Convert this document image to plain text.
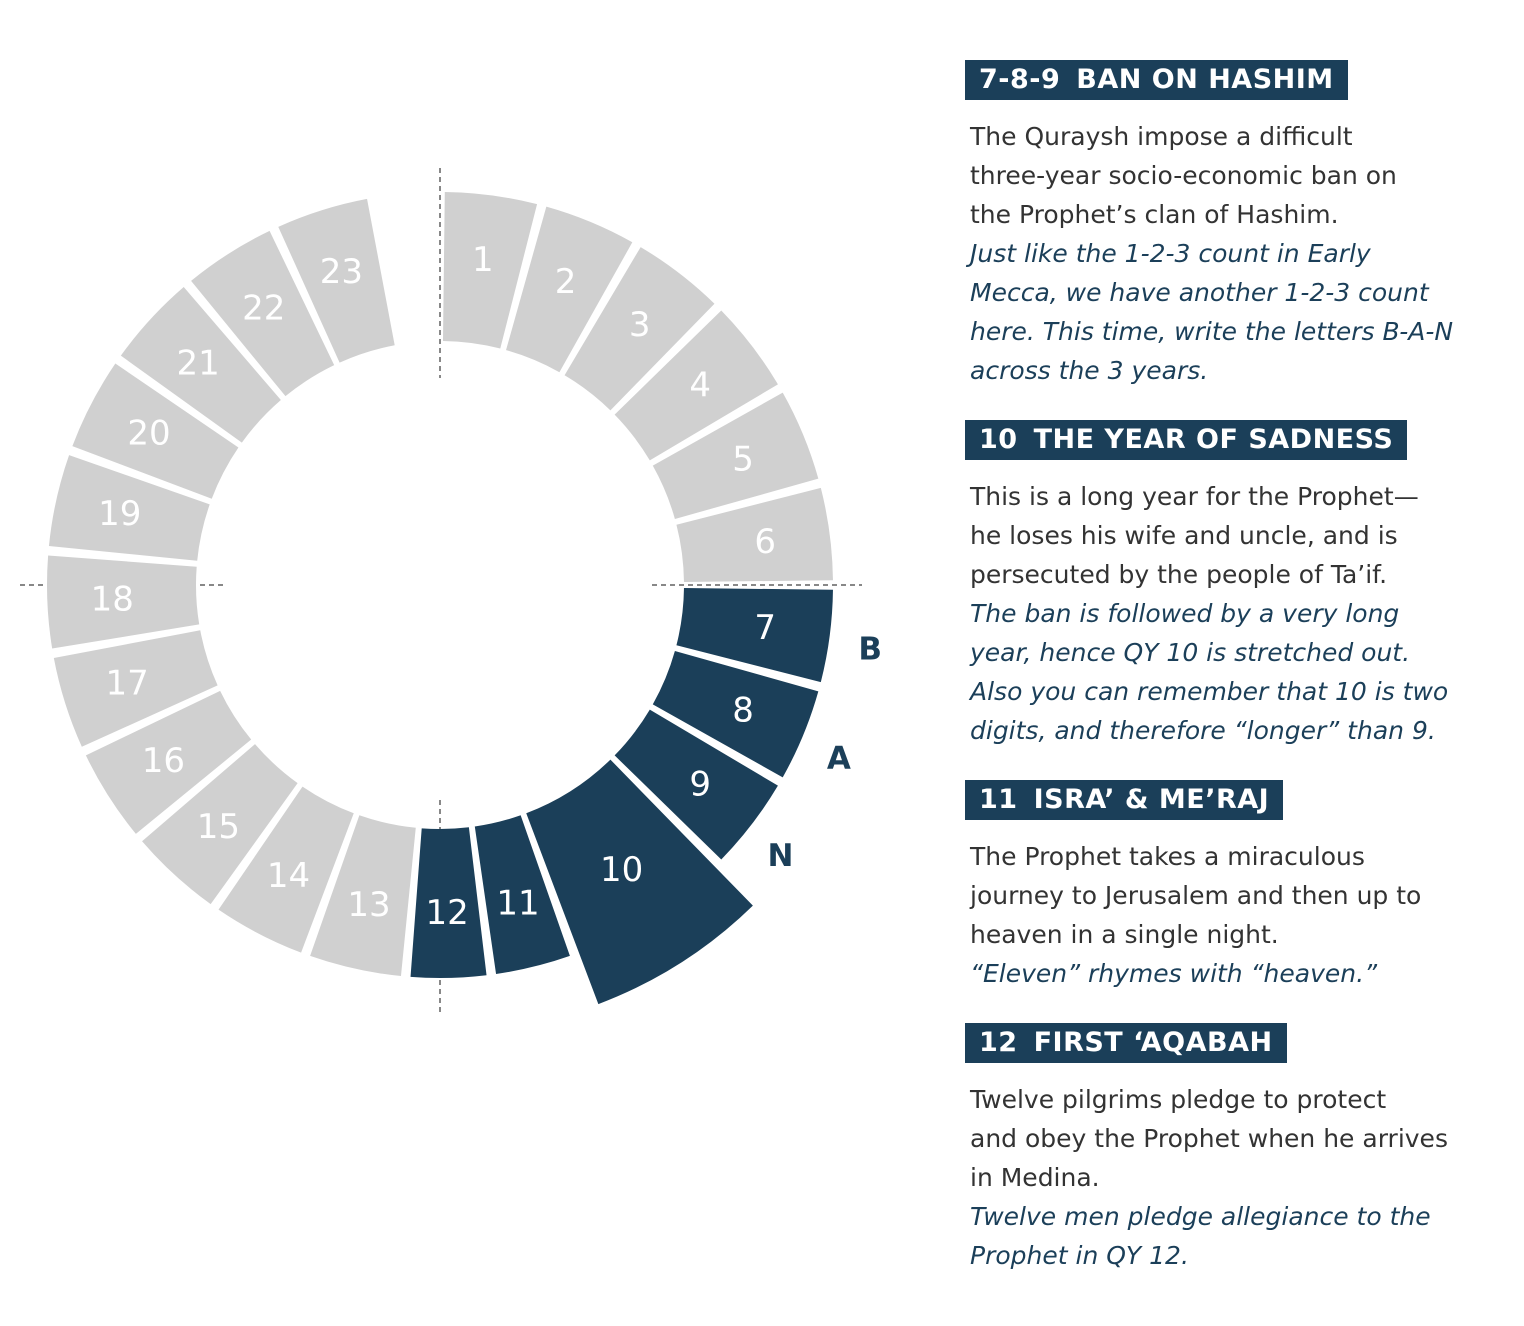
1
2
3
4
5
6
7
8
9
10
11
12
13
14
15
16
17
18
19
20
21
22
23
B
A
N
7-8-9 BAN ON HASHIM
The Quraysh impose a difficult
three-year socio-economic ban on
the Prophet’s clan of Hashim.
Just like the 1-2-3 count in Early
Mecca, we have another 1-2-3 count
here. This time, write the letters B-A-N
across the 3 years.
10 THE YEAR OF SADNESS
This is a long year for the Prophet—
he loses his wife and uncle, and is
persecuted by the people of Ta’if.
The ban is followed by a very long
year, hence QY 10 is stretched out.
Also you can remember that 10 is two
digits, and therefore “longer” than 9.
11 ISRA’ & ME’RAJ
The Prophet takes a miraculous
journey to Jerusalem and then up to
heaven in a single night.
“Eleven” rhymes with “heaven.”
12 FIRST ‘AQABAH
Twelve pilgrims pledge to protect
and obey the Prophet when he arrives
in Medina.
Twelve men pledge allegiance to the
Prophet in QY 12.
